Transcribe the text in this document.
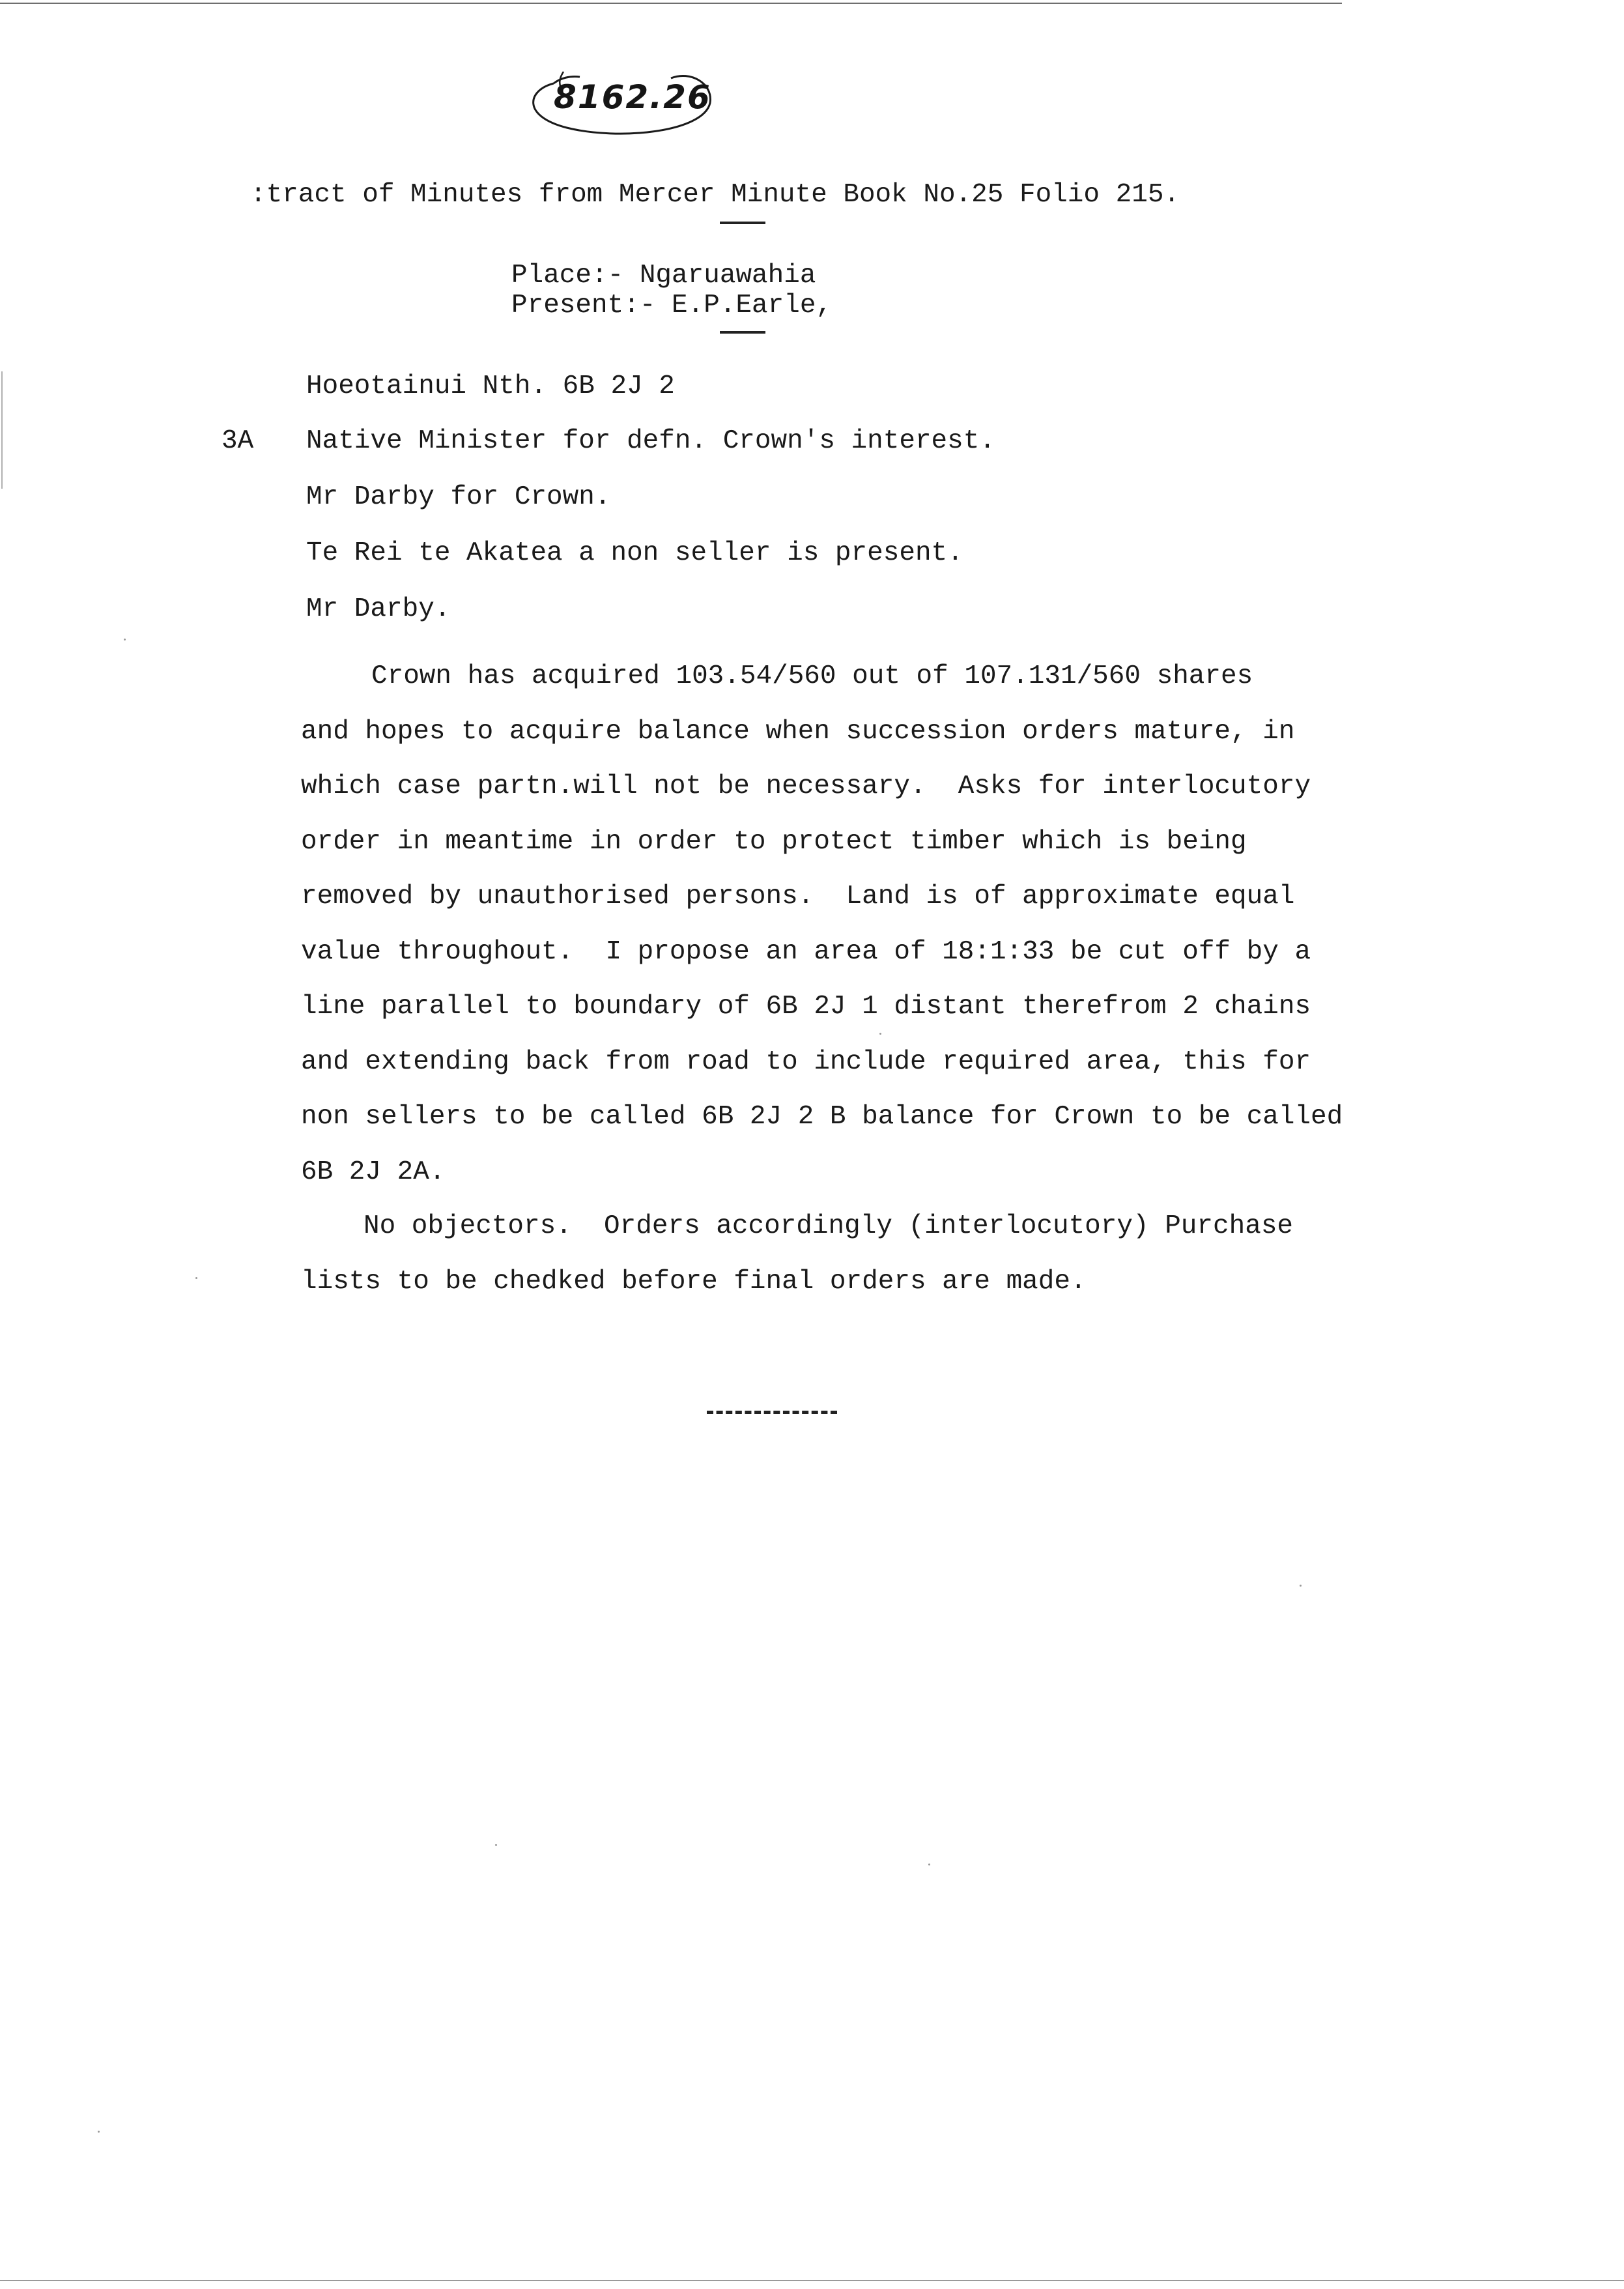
8162.26
:tract of Minutes from Mercer Minute Book No.25 Folio 215.
Place:- Ngaruawahia
Present:- E.P.Earle,
Hoeotainui Nth. 6B 2J 2
3A Native Minister for defn. Crown's interest.
Mr Darby for Crown.
Te Rei te Akatea a non seller is present.
Mr Darby.
Crown has acquired 103.54/560 out of 107.131/560 shares
and hopes to acquire balance when succession orders mature, in
which case partn.will not be necessary.  Asks for interlocutory
order in meantime in order to protect timber which is being
removed by unauthorised persons.  Land is of approximate equal
value throughout.  I propose an area of 18:1:33 be cut off by a
line parallel to boundary of 6B 2J 1 distant therefrom 2 chains
and extending back from road to include required area, this for
non sellers to be called 6B 2J 2 B balance for Crown to be called
6B 2J 2A.
No objectors.  Orders accordingly (interlocutory) Purchase
lists to be chedked before final orders are made.
